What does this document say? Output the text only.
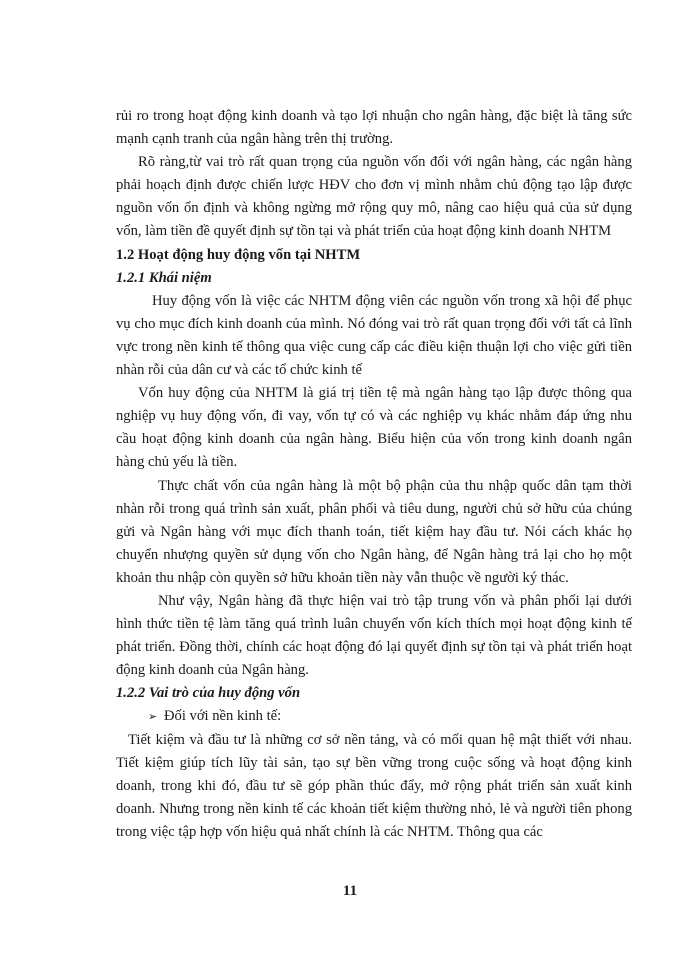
rủi ro trong hoạt động kinh doanh và tạo lợi nhuận cho ngân hàng, đặc biệt là tăng sức mạnh cạnh tranh của ngân hàng trên thị trường.

Rõ ràng,từ vai trò rất quan trọng của nguồn vốn đối với ngân hàng, các ngân hàng phải hoạch định được chiến lược HĐV cho đơn vị mình nhằm chủ động tạo lập được nguồn vốn ổn định và không ngừng mở rộng quy mô, nâng cao hiệu quả của sử dụng vốn, làm tiền đề quyết định sự tồn tại và phát triển của hoạt động kinh doanh NHTM

1.2 Hoạt động huy động vốn tại NHTM

1.2.1 Khái niệm

Huy động vốn là việc các NHTM động viên các nguồn vốn trong xã hội để phục vụ cho mục đích kinh doanh của mình. Nó đóng vai trò rất quan trọng đối với tất cả lĩnh vực trong nền kinh tế thông qua việc cung cấp các điều kiện thuận lợi cho việc gửi tiền nhàn rỗi của dân cư và các tổ chức kinh tế

Vốn huy động của NHTM là giá trị tiền tệ mà ngân hàng tạo lập được thông qua nghiệp vụ huy động vốn, đi vay, vốn tự có và các nghiệp vụ khác nhằm đáp ứng nhu cầu hoạt động kinh doanh của ngân hàng. Biểu hiện của vốn trong kinh doanh ngân hàng chủ yếu là tiền.

Thực chất vốn của ngân hàng là một bộ phận của thu nhập quốc dân tạm thời nhàn rỗi trong quá trình sản xuất, phân phối và tiêu dung, người chủ sở hữu của chúng gửi và Ngân hàng với mục đích thanh toán, tiết kiệm hay đầu tư. Nói cách khác họ chuyển nhượng quyền sử dụng vốn cho Ngân hàng, để Ngân hàng trả lại cho họ một khoản thu nhập còn quyền sở hữu khoản tiền này vẫn thuộc về người ký thác.

Như vậy, Ngân hàng đã thực hiện vai trò tập trung vốn và phân phối lại dưới hình thức tiền tệ làm tăng quá trình luân chuyển vốn kích thích mọi hoạt động kinh tế phát triển. Đồng thời, chính các hoạt động đó lại quyết định sự tồn tại và phát triển hoạt động kinh doanh của Ngân hàng.

1.2.2 Vai trò của huy động vốn

➢ Đối với nền kinh tế:

Tiết kiệm và đầu tư là những cơ sở nền tảng, và có mối quan hệ mật thiết với nhau. Tiết kiệm giúp tích lũy tài sản, tạo sự bền vững trong cuộc sống và hoạt động kinh doanh, trong khi đó, đầu tư sẽ góp phần thúc đẩy, mở rộng phát triển sản xuất kinh doanh. Nhưng trong nền kinh tế các khoản tiết kiệm thường nhỏ, lẻ và người tiên phong trong việc tập hợp vốn hiệu quả nhất chính là các NHTM. Thông qua các

11
